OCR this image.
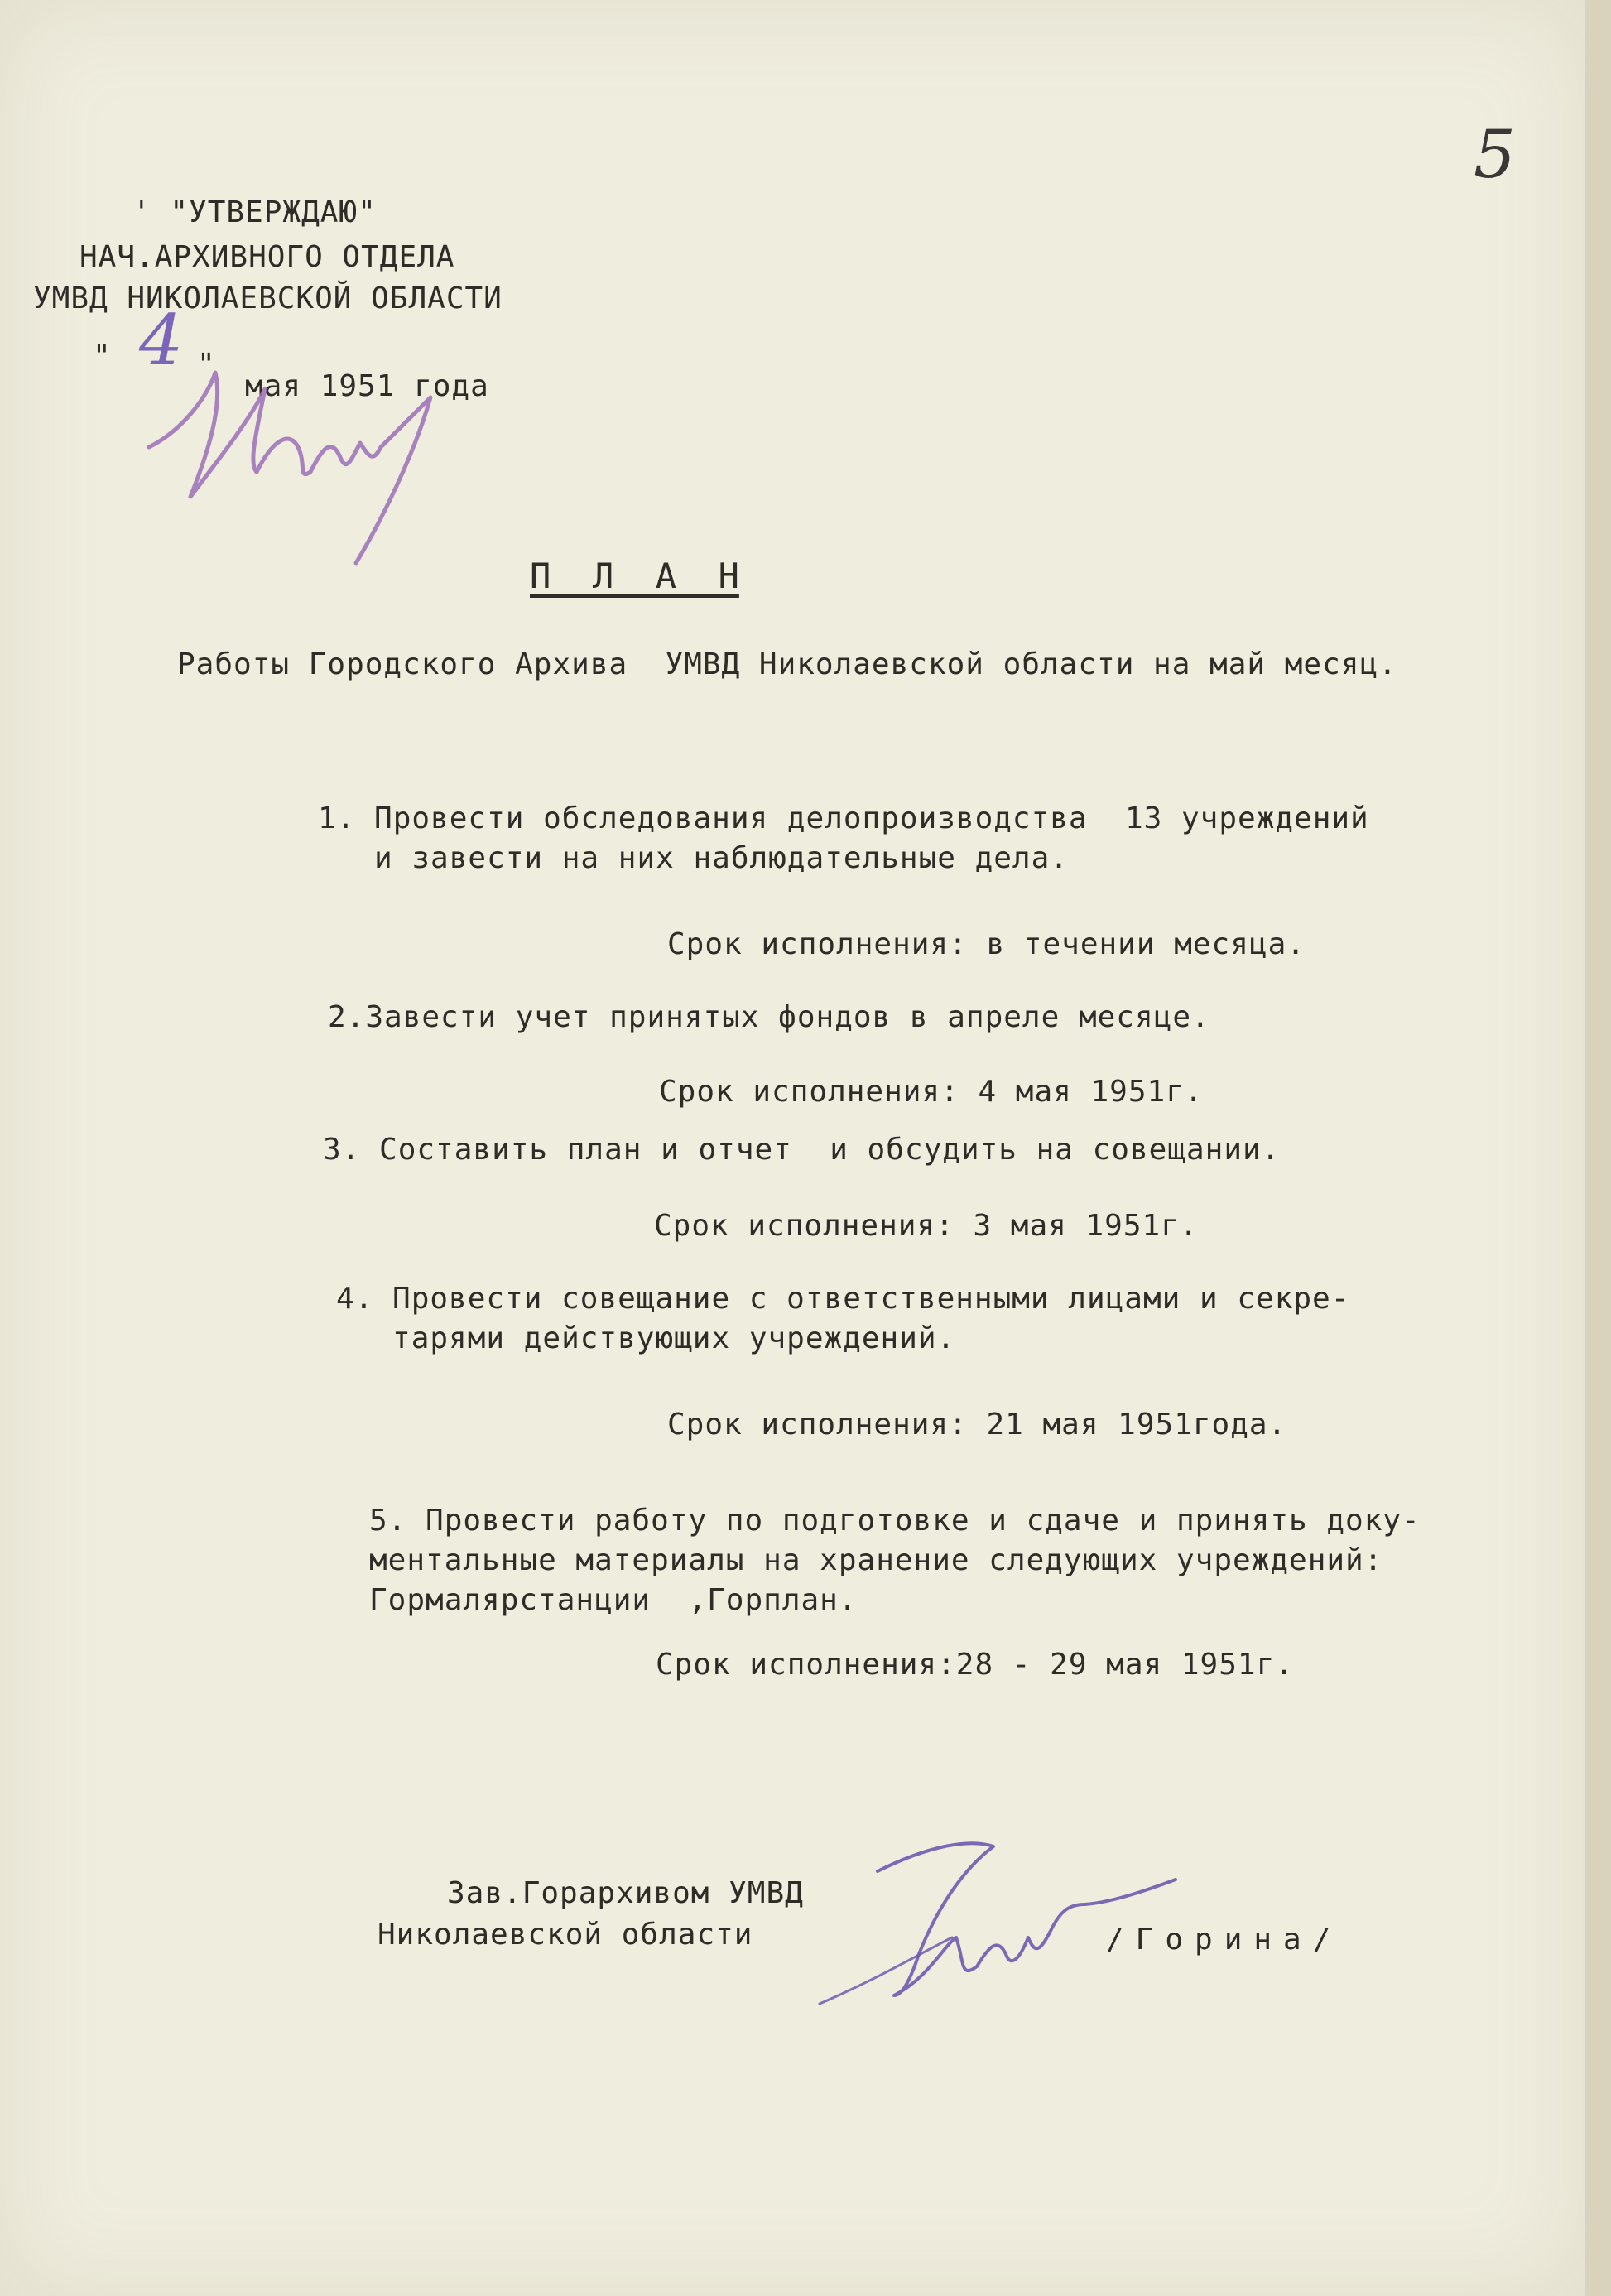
5
' "УТВЕРЖДАЮ"
НАЧ.АРХИВНОГО ОТДЕЛА
УМВД НИКОЛАЕВСКОЙ ОБЛАСТИ
" 4 "
мая 1951 года
П  Л  А  Н
Работы Городского Архива  УМВД Николаевской области на май месяц.
1. Провести обследования делопроизводства  13 учреждений
и завести на них наблюдательные дела.
Срок исполнения: в течении месяца.
2.Завести учет принятых фондов в апреле месяце.
Срок исполнения: 4 мая 1951г.
3. Составить план и отчет  и обсудить на совещании.
Срок исполнения: 3 мая 1951г.
4. Провести совещание с ответственными лицами и секре-
тарями действующих учреждений.
Срок исполнения: 21 мая 1951года.
5. Провести работу по подготовке и сдаче и принять доку-
ментальные материалы на хранение следующих учреждений:
Гормалярстанции  ,Горплан.
Срок исполнения:28 - 29 мая 1951г.
Зав.Горархивом УМВД
Николаевской области	/Горина/
